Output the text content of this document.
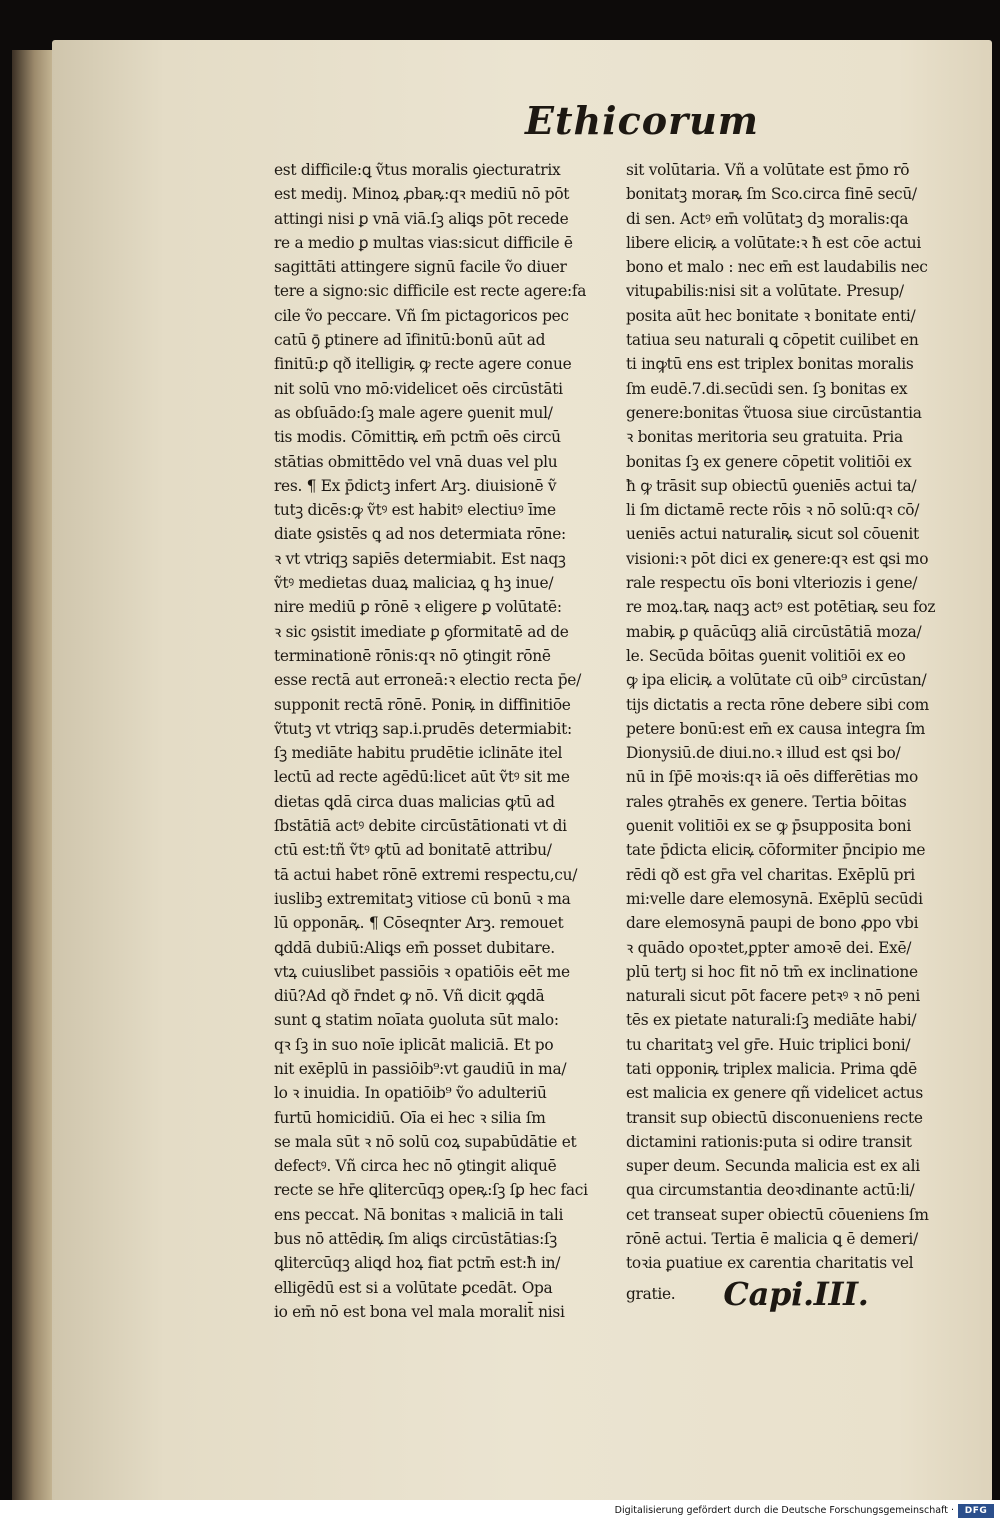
Ethicorum
est difficile:ꝗ ṽtus moralis ꝯiecturatrix
est mediȷ. Minoꝝ ꝓbaꝶ:qꝛ mediū nō pōt
attingi nisi ꝑ vnā viā.ſꝫ aliꝗs pōt recede
re a medio ꝑ multas vias:sicut difficile ē
sagittāti attingere signū facile ṽo diuer
tere a signo:sic difficile est recte agere:fa
cile ṽo peccare. Vñ ſm pictagoricos pec
catū ꝯ̄ ꝑtinere ad īfinitū:bonū aūt ad
finitū:ꝑ qð itelligiꝶ ꝙ recte agere conue
nit solū vno mō:videlicet oēs circūstāti
as obſuādo:ſꝫ male agere ꝯuenit mul/
tis modis. Cōmittiꝶ em̄ pctm̄ oēs circū
stātias obmittēdo vel vnā duas vel plu
res. ¶ Ex p̄dictꝫ infert Arꝫ. diuisionē ṽ
tutꝫ dicēs:ꝙ ṽtꝰ est habitꝰ electiuꝰ īme
diate ꝯsistēs ꝗ ad nos determiata rōne:
ꝛ vt vtriqꝫ sapiēs determiabit. Est naqꝫ
ṽtꝰ medietas duaꝝ maliciaꝝ ꝗ hꝫ inue/
nire mediū ꝑ rōnē ꝛ eligere ꝑ volūtatē:
ꝛ sic ꝯsistit imediate ꝑ ꝯformitatē ad de
terminationē rōnis:qꝛ nō ꝯtingit rōnē
esse rectā aut erroneā:ꝛ electio recta p̄e/
supponit rectā rōnē. Poniꝶ in diffinitiōe
ṽtutꝫ vt vtriqꝫ sap.i.prudēs determiabit:
ſꝫ mediāte habitu prudētie iclināte itel
lectū ad recte agēdū:licet aūt ṽtꝰ sit me
dietas ꝗdā circa duas malicias ꝙtū ad
ſbstātiā actꝰ debite circūstātionati vt di
ctū est:tñ ṽtꝰ ꝙtū ad bonitatē attribu/
tā actui habet rōnē extremi respectu,cu/
iuslibꝫ extremitatꝫ vitiose cū bonū ꝛ ma
lū opponāꝶ. ¶ Cōseqnter Arꝫ. remouet
ꝗddā dubiū:Aliꝗs em̄ posset dubitare.
vtꝝ cuiuslibet passiōis ꝛ opatiōis eēt me
diū?Ad qð r̄ndet ꝙ nō. Vñ dicit ꝙꝗdā
sunt ꝗ statim noīata ꝯuoluta sūt malo:
qꝛ ſꝫ in suo noīe iplicāt maliciā. Et po
nit exēplū in passiōib⁹:vt gaudiū in ma/
lo ꝛ inuidia. In opatiōib⁹ ṽo adulteriū
furtū homicidiū. Oīa ei hec ꝛ silia ſm
se mala sūt ꝛ nō solū coꝝ supabūdātie et
defectꝰ. Vñ circa hec nō ꝯtingit aliquē
recte se hr̄e ꝗlitercūqꝫ opeꝶ:ſꝫ ſꝑ hec faci
ens peccat. Nā bonitas ꝛ maliciā in tali
bus nō attēdiꝶ ſm aliꝗs circūstātias:ſꝫ
ꝗlitercūqꝫ aliꝗd hoꝝ fiat pctm̄ est:ħ in/
elligēdū est si a volūtate ꝑcedāt. Opa
io em̄ nō est bona vel mala moralit̄ nisi
sit volūtaria. Vñ a volūtate est p̄mo rō
bonitatꝫ moraꝶ ſm Sco.circa finē secū/
di sen. Actꝰ em̄ volūtatꝫ dꝫ moralis:qa
libere eliciꝶ a volūtate:ꝛ ħ est cōe actui
bono et malo : nec em̄ est laudabilis nec
vituꝑabilis:nisi sit a volūtate. Presup/
posita aūt hec bonitate ꝛ bonitate enti/
tatiua seu naturali ꝗ cōpetit cuilibet en
ti inꝙtū ens est triplex bonitas moralis
ſm eudē.7.di.secūdi sen. ſꝫ bonitas ex
genere:bonitas ṽtuosa siue circūstantia
ꝛ bonitas meritoria seu gratuita. Pria
bonitas ſꝫ ex genere cōpetit volitiōi ex
ħ ꝙ trāsit sup obiectū ꝯueniēs actui ta/
li ſm dictamē recte rōis ꝛ nō solū:qꝛ cō/
ueniēs actui naturaliꝶ sicut sol cōuenit
visioni:ꝛ pōt dici ex genere:qꝛ est ꝗsi mo
rale respectu oīs boni vlteriozis i gene/
re moꝝ.taꝶ naqꝫ actꝰ est potētiaꝶ seu foz
mabiꝶ ꝑ quācūqꝫ aliā circūstātiā moza/
le. Secūda bōitas ꝯuenit volitiōi ex eo
ꝙ ipa eliciꝶ a volūtate cū oib⁹ circūstan/
tijs dictatis a recta rōne debere sibi com
petere bonū:est em̄ ex causa integra ſm
Dionysiū.de diui.no.ꝛ illud est ꝗsi bo/
nū in ſp̄ē moꝛis:qꝛ iā oēs differētias mo
rales ꝯtrahēs ex genere. Tertia bōitas
ꝯuenit volitiōi ex se ꝙ p̄supposita boni
tate p̄dicta eliciꝶ cōformiter p̄ncipio me
rēdi qð est gr̄a vel charitas. Exēplū pri
mi:velle dare elemosynā. Exēplū secūdi
dare elemosynā paupi de bono ꝓpo vbi
ꝛ quādo opoꝛtet,ꝑpter amoꝛē dei. Exē/
plū tertȷ si hoc fit nō tm̄ ex inclinatione
naturali sicut pōt facere petꝛꝰ ꝛ nō peni
tēs ex pietate naturali:ſꝫ mediāte habi/
tu charitatꝫ vel gr̄e. Huic triplici boni/
tati opponiꝶ triplex malicia. Prima ꝗdē
est malicia ex genere qñ videlicet actus
transit sup obiectū disconueniens recte
dictamini rationis:puta si odire transit
super deum. Secunda malicia est ex ali
qua circumstantia deoꝛdinante actū:li/
cet transeat super obiectū cōueniens ſm
rōnē actui. Tertia ē malicia ꝗ ē demeri/
toꝛia ꝑuatiue ex carentia charitatis vel
gratie. Capi.III.
Digitalisierung gefördert durch die Deutsche Forschungsgemeinschaft ·	DFG
